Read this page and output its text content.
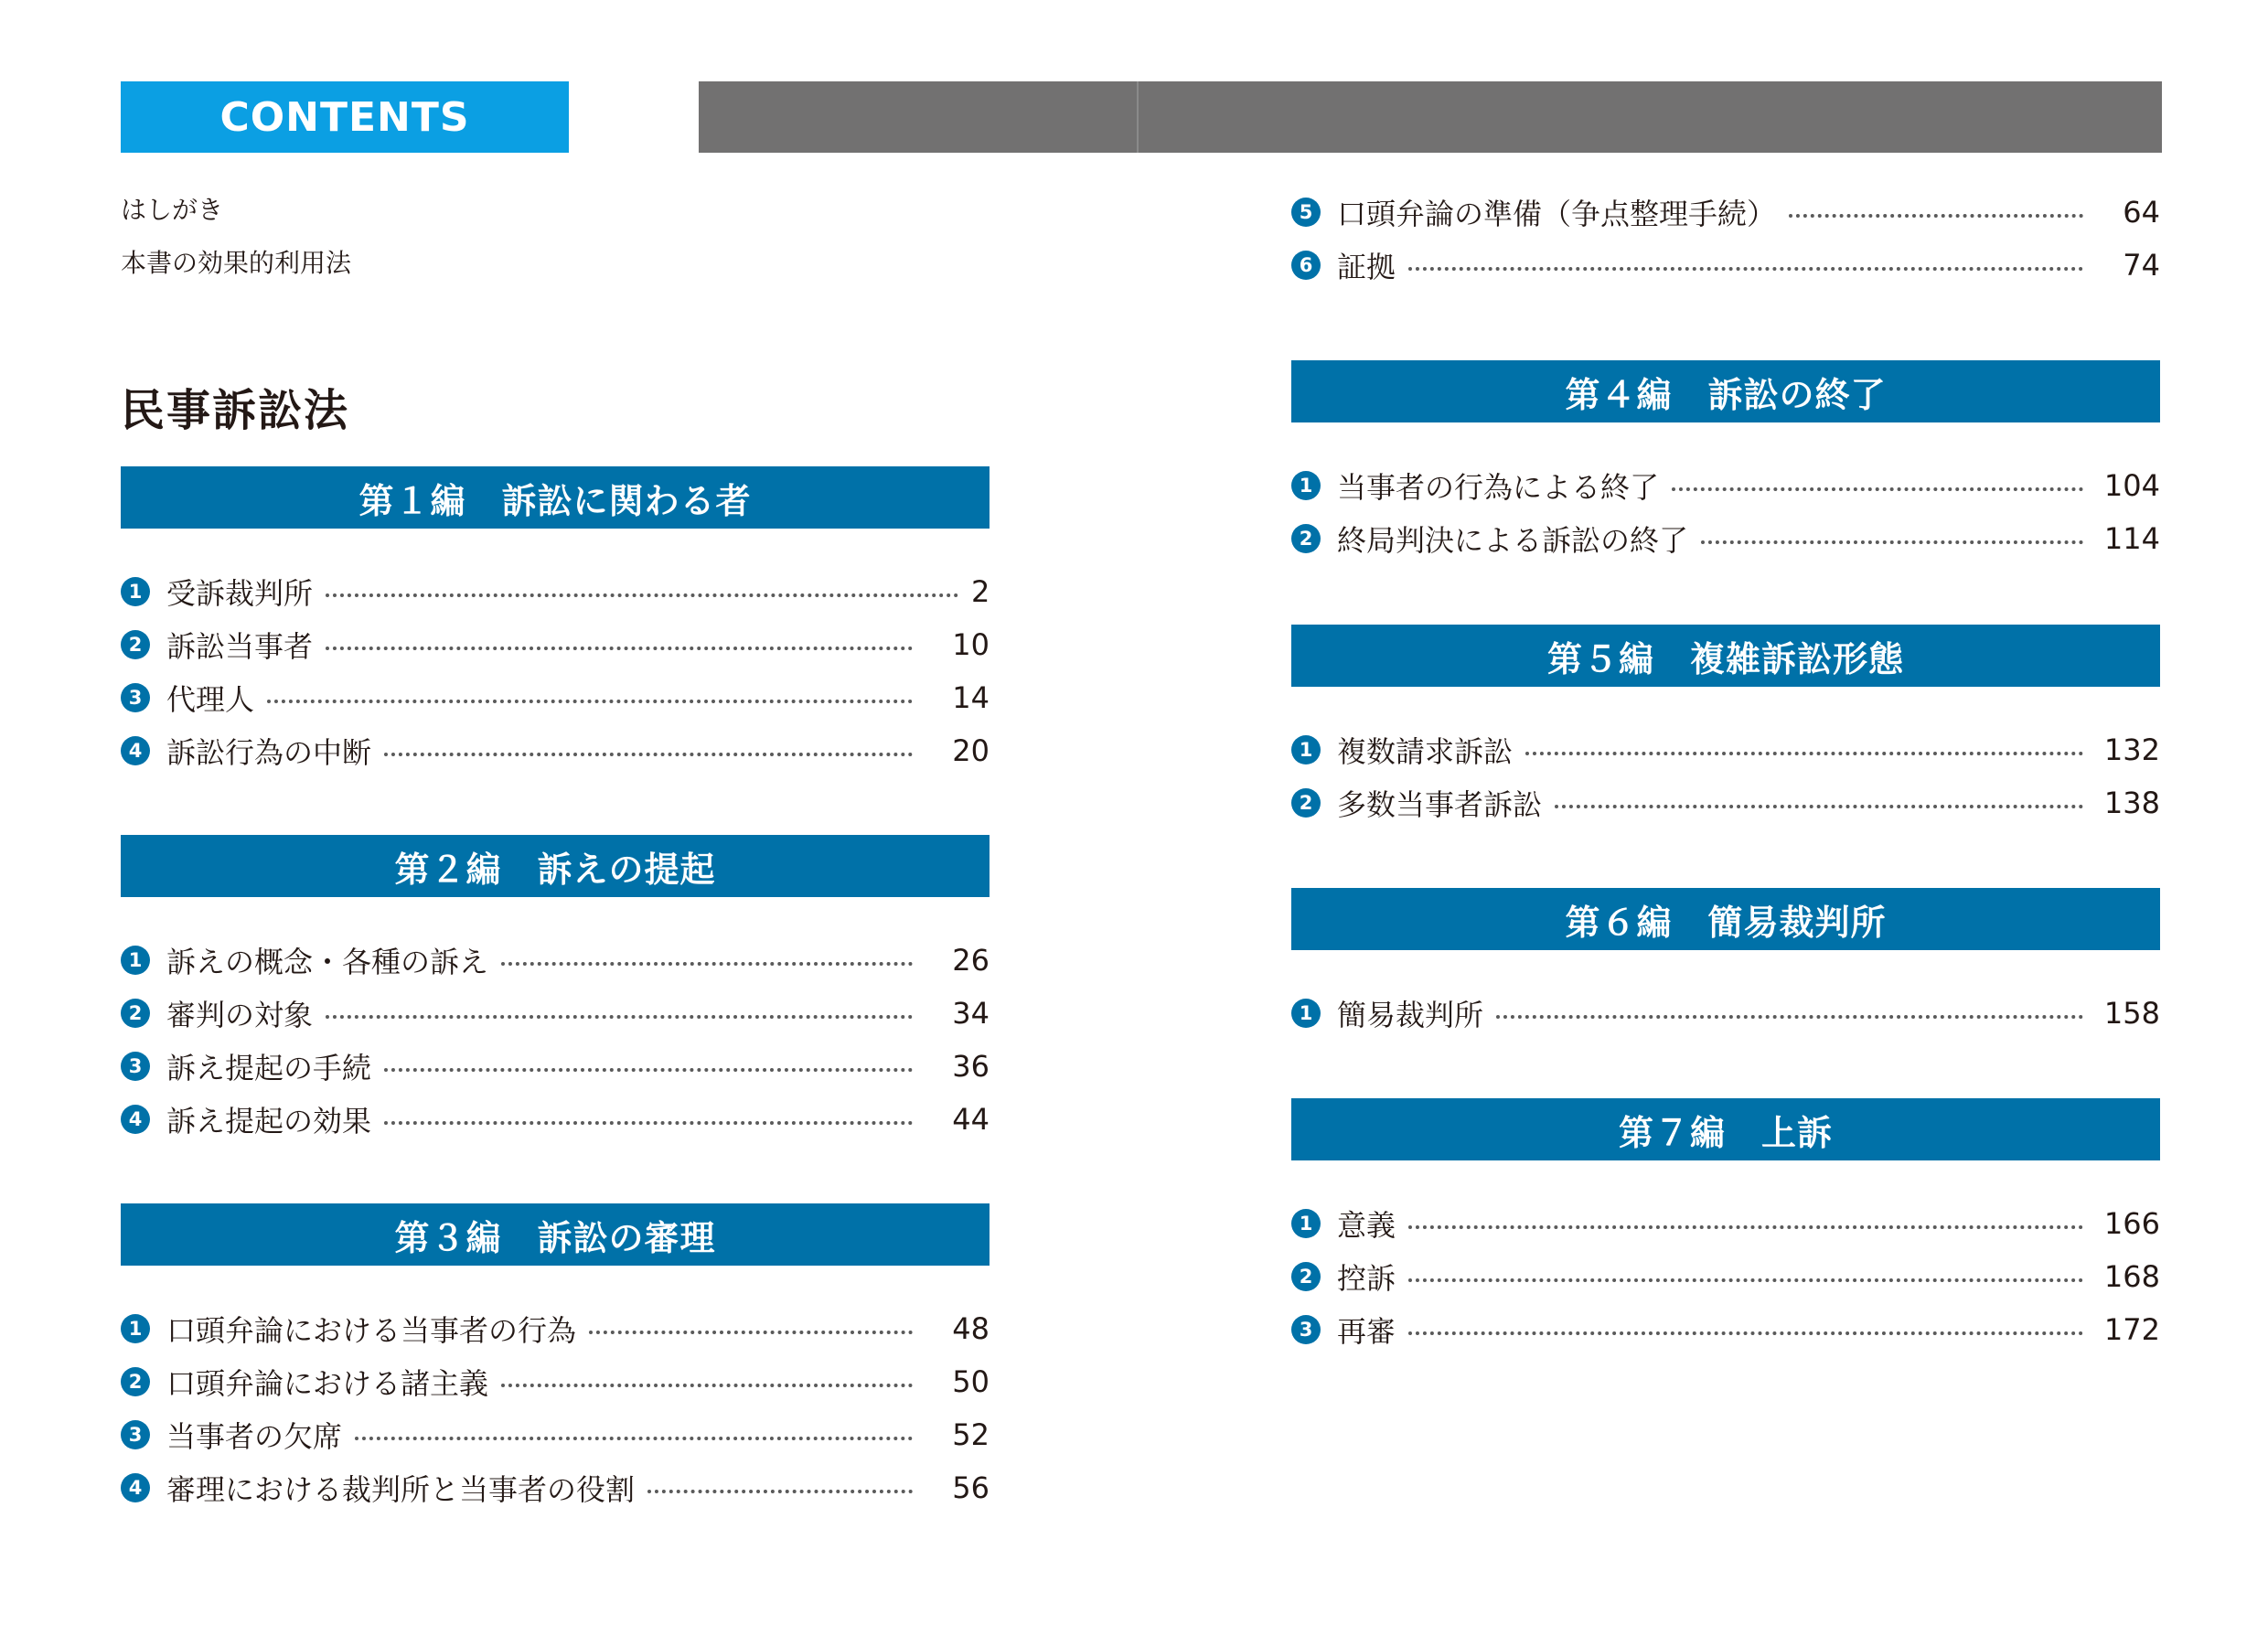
CONTENTS
はしがき
本書の効果的利用法
民事訴訟法
第１編　訴訟に関わる者
1 受訴裁判所	2
2 訴訟当事者	10
3 代理人	14
4 訴訟行為の中断	20
第２編　訴えの提起
1 訴えの概念・各種の訴え	26
2 審判の対象	34
3 訴え提起の手続	36
4 訴え提起の効果	44
第３編　訴訟の審理
1 口頭弁論における当事者の行為	48
2 口頭弁論における諸主義	50
3 当事者の欠席	52
4 審理における裁判所と当事者の役割	56
5 口頭弁論の準備（争点整理手続）	64
6 証拠	74
第４編　訴訟の終了
1 当事者の行為による終了	104
2 終局判決による訴訟の終了	114
第５編　複雑訴訟形態
1 複数請求訴訟	132
2 多数当事者訴訟	138
第６編　簡易裁判所
1 簡易裁判所	158
第７編　上訴
1 意義	166
2 控訴	168
3 再審	172
